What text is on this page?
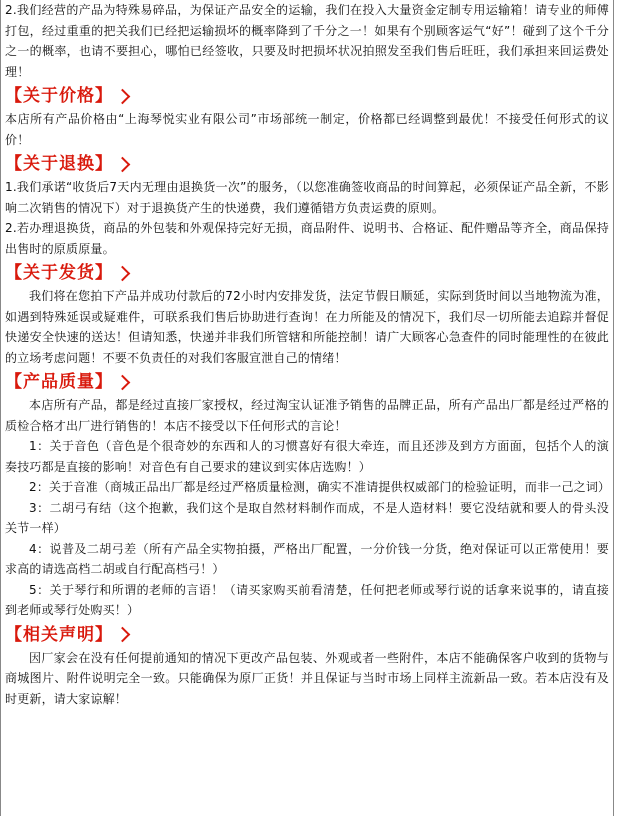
2.我们经营的产品为特殊易碎品，为保证产品安全的运输，我们在投入大量资金定制专用运输箱！请专业的师傅打包，经过重重的把关我们已经把运输损坏的概率降到了千分之一！如果有个别顾客运气“好”！碰到了这个千分之一的概率，也请不要担心，哪怕已经签收，只要及时把损坏状况拍照发至我们售后旺旺，我们承担来回运费处理！

【关于价格】

本店所有产品价格由“上海琴悦实业有限公司”市场部统一制定，价格都已经调整到最优！不接受任何形式的议价！

【关于退换】

1.我们承诺“收货后7天内无理由退换货一次”的服务，（以您准确签收商品的时间算起，必须保证产品全新，不影响二次销售的情况下）对于退换货产生的快递费，我们遵循错方负责运费的原则。

2.若办理退换货，商品的外包装和外观保持完好无损，商品附件、说明书、合格证、配件赠品等齐全，商品保持出售时的原质原量。

【关于发货】

我们将在您拍下产品并成功付款后的72小时内安排发货，法定节假日顺延，实际到货时间以当地物流为准，如遇到特殊延误或疑难件，可联系我们售后协助进行查询！在力所能及的情况下，我们尽一切所能去追踪并督促快递安全快速的送达！但请知悉，快递并非我们所管辖和所能控制！请广大顾客心急查件的同时能理性的在彼此的立场考虑问题！不要不负责任的对我们客服宣泄自己的情绪！

【产品质量】

本店所有产品，都是经过直接厂家授权，经过淘宝认证准予销售的品牌正品，所有产品出厂都是经过严格的质检合格才出厂进行销售的！本店不接受以下任何形式的言论！

1：关于音色（音色是个很奇妙的东西和人的习惯喜好有很大牵连，而且还涉及到方方面面，包括个人的演奏技巧都是直接的影响！对音色有自己要求的建议到实体店选购！）

2：关于音准（商城正品出厂都是经过严格质量检测，确实不准请提供权威部门的检验证明，而非一己之词）

3：二胡弓有结（这个抱歉，我们这个是取自然材料制作而成，不是人造材料！要它没结就和要人的骨头没关节一样）

4：说普及二胡弓差（所有产品全实物拍摄，严格出厂配置，一分价钱一分货，绝对保证可以正常使用！要求高的请选高档二胡或自行配高档弓！）

5：关于琴行和所谓的老师的言语！（请买家购买前看清楚，任何把老师或琴行说的话拿来说事的，请直接到老师或琴行处购买！）

【相关声明】

因厂家会在没有任何提前通知的情况下更改产品包装、外观或者一些附件，本店不能确保客户收到的货物与商城图片、附件说明完全一致。只能确保为原厂正货！并且保证与当时市场上同样主流新品一致。若本店没有及时更新，请大家谅解！
